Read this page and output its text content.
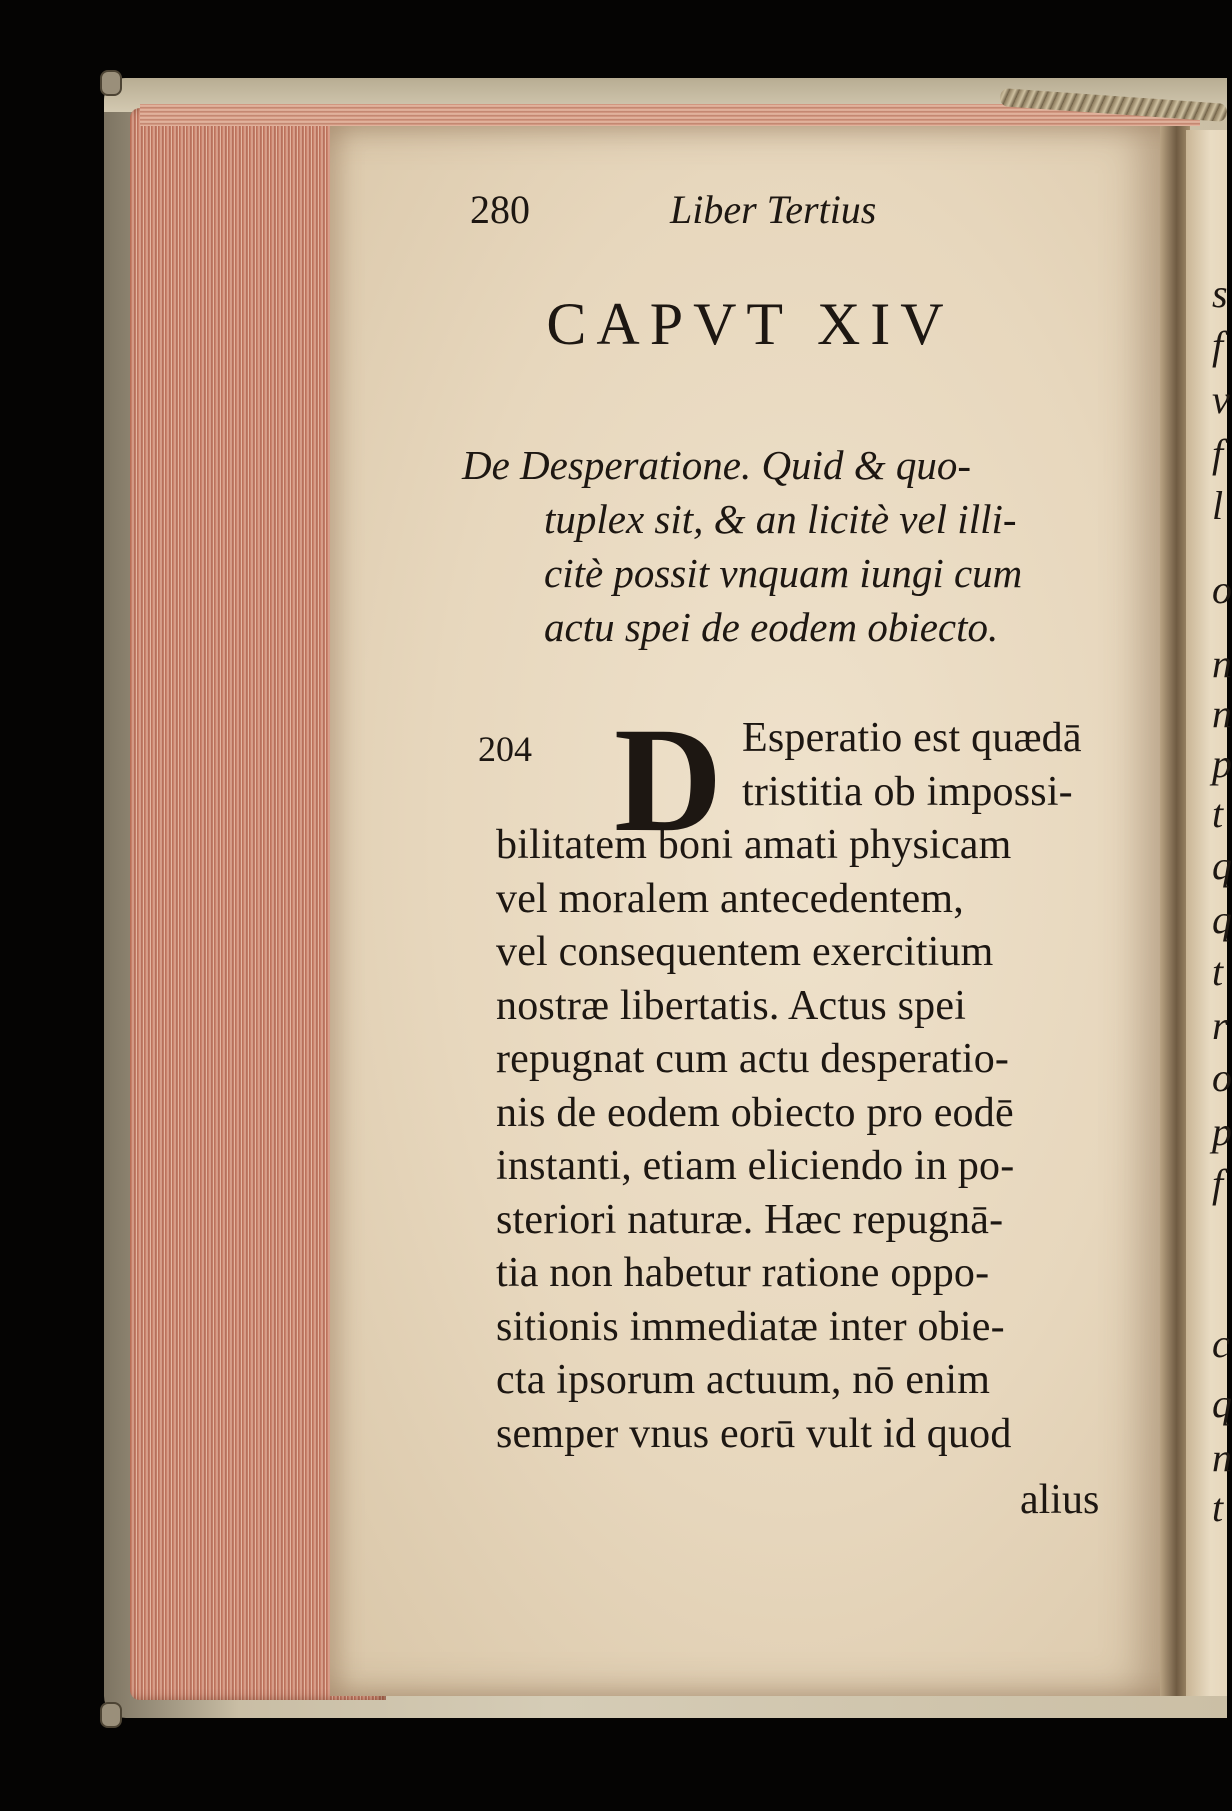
280	Liber Tertius
CAPVT XIV
De Desperatione. Quid & quo-
tuplex sit, & an licitè vel illi-
citè possit vnquam iungi cum
actu spei de eodem obiecto.
204 D Esperatio est quædā
tristitia ob impossi-
bilitatem boni amati physicam
vel moralem antecedentem,
vel consequentem exercitium
nostræ libertatis. Actus spei
repugnat cum actu desperatio-
nis de eodem obiecto pro eodē
instanti, etiam eliciendo in po-
steriori naturæ. Hæc repugnā-
tia non habetur ratione oppo-
sitionis immediatæ inter obie-
cta ipsorum actuum, nō enim
semper vnus eorū vult id quod
alius
s
f
v
f
l
o
n
n
p
t
q
q
t
r
o
p
f
c
q
n
t
